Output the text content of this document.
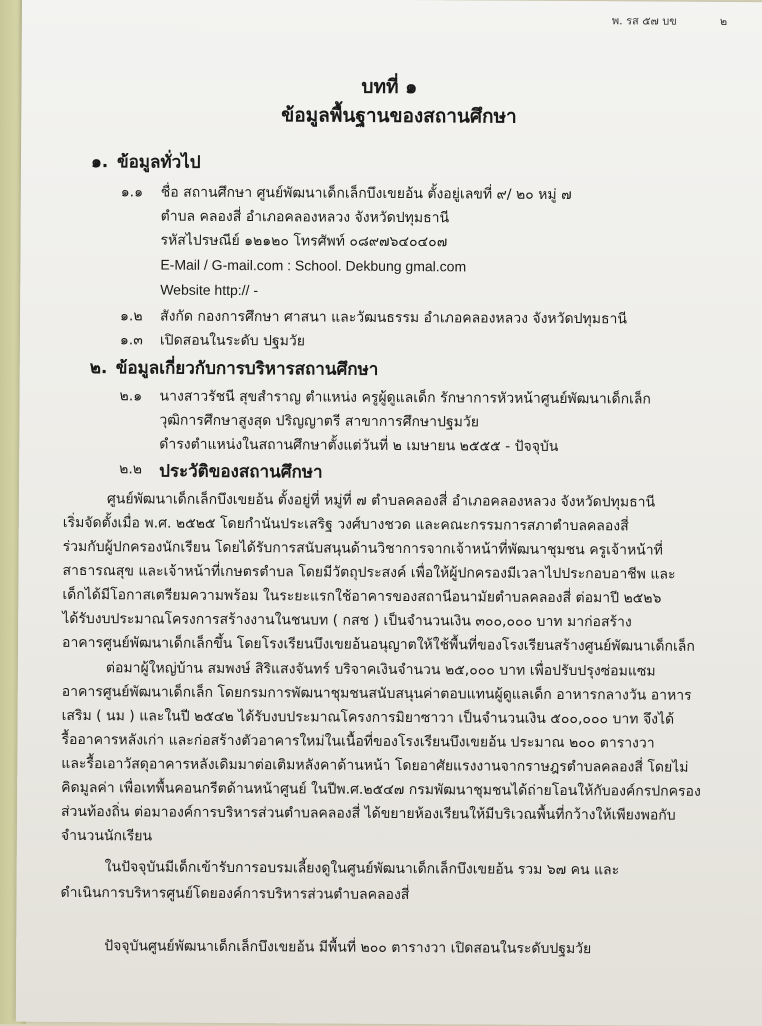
พ. รส ๕๗ บข	๒
บทที่ ๑
ข้อมูลพื้นฐานของสถานศึกษา
๑. ข้อมูลทั่วไป
๑.๑ ชื่อ สถานศึกษา ศูนย์พัฒนาเด็กเล็กบึงเขยอ้น ตั้งอยู่เลขที่ ๙/ ๒๐ หมู่ ๗
ตำบล คลองสี่ อำเภอคลองหลวง จังหวัดปทุมธานี
รหัสไปรษณีย์ ๑๒๑๒๐ โทรศัพท์ ๐๘๙๗๖๔๐๔๐๗
E-Mail / G-mail.com : School. Dekbung gmal.com
Website http:// -
๑.๒ สังกัด กองการศึกษา ศาสนา และวัฒนธรรม อำเภอคลองหลวง จังหวัดปทุมธานี
๑.๓ เปิดสอนในระดับ ปฐมวัย
๒. ข้อมูลเกี่ยวกับการบริหารสถานศึกษา
๒.๑ นางสาวรัชนี สุขสำราญ ตำแหน่ง ครูผู้ดูแลเด็ก รักษาการหัวหน้าศูนย์พัฒนาเด็กเล็ก
วุฒิการศึกษาสูงสุด ปริญญาตรี สาขาการศึกษาปฐมวัย
ดำรงตำแหน่งในสถานศึกษาตั้งแต่วันที่ ๒ เมษายน ๒๕๕๕ - ปัจจุบัน
๒.๒ ประวัติของสถานศึกษา
ศูนย์พัฒนาเด็กเล็กบึงเขยอ้น ตั้งอยู่ที่ หมู่ที่ ๗ ตำบลคลองสี่ อำเภอคลองหลวง จังหวัดปทุมธานี
เริ่มจัดตั้งเมื่อ พ.ศ. ๒๕๒๕ โดยกำนันประเสริฐ วงศ์บางชวด และคณะกรรมการสภาตำบลคลองสี่
ร่วมกับผู้ปกครองนักเรียน โดยได้รับการสนับสนุนด้านวิชาการจากเจ้าหน้าที่พัฒนาชุมชน ครูเจ้าหน้าที่
สาธารณสุข และเจ้าหน้าที่เกษตรตำบล โดยมีวัตถุประสงค์ เพื่อให้ผู้ปกครองมีเวลาไปประกอบอาชีพ และ
เด็กได้มีโอกาสเตรียมความพร้อม ในระยะแรกใช้อาคารของสถานีอนามัยตำบลคลองสี่ ต่อมาปี ๒๕๒๖
ได้รับงบประมาณโครงการสร้างงานในชนบท ( กสช ) เป็นจำนวนเงิน ๓๐๐,๐๐๐ บาท มาก่อสร้าง
อาคารศูนย์พัฒนาเด็กเล็กขึ้น โดยโรงเรียนบึงเขยอ้นอนุญาตให้ใช้พื้นที่ของโรงเรียนสร้างศูนย์พัฒนาเด็กเล็ก
ต่อมาผู้ใหญ่บ้าน สมพงษ์ สิริแสงจันทร์ บริจาคเงินจำนวน ๒๕,๐๐๐ บาท เพื่อปรับปรุงซ่อมแซม
อาคารศูนย์พัฒนาเด็กเล็ก โดยกรมการพัฒนาชุมชนสนับสนุนค่าตอบแทนผู้ดูแลเด็ก อาหารกลางวัน อาหาร
เสริม ( นม ) และในปี ๒๕๔๒ ได้รับงบประมาณโครงการมิยาซาวา เป็นจำนวนเงิน ๕๐๐,๐๐๐ บาท จึงได้
รื้ออาคารหลังเก่า และก่อสร้างตัวอาคารใหม่ในเนื้อที่ของโรงเรียนบึงเขยอ้น ประมาณ ๒๐๐ ตารางวา
และรื้อเอาวัสดุอาคารหลังเดิมมาต่อเติมหลังคาด้านหน้า โดยอาศัยแรงงานจากราษฎรตำบลคลองสี่ โดยไม่
คิดมูลค่า เพื่อเทพื้นคอนกรีตด้านหน้าศูนย์ ในปีพ.ศ.๒๕๔๗ กรมพัฒนาชุมชนได้ถ่ายโอนให้กับองค์กรปกครอง
ส่วนท้องถิ่น ต่อมาองค์การบริหารส่วนตำบลคลองสี่ ได้ขยายห้องเรียนให้มีบริเวณพื้นที่กว้างให้เพียงพอกับ
จำนวนนักเรียน
ในปัจจุบันมีเด็กเข้ารับการอบรมเลี้ยงดูในศูนย์พัฒนาเด็กเล็กบึงเขยอ้น รวม ๖๗ คน และ
ดำเนินการบริหารศูนย์โดยองค์การบริหารส่วนตำบลคลองสี่
ปัจจุบันศูนย์พัฒนาเด็กเล็กบึงเขยอ้น มีพื้นที่ ๒๐๐ ตารางวา เปิดสอนในระดับปฐมวัย
